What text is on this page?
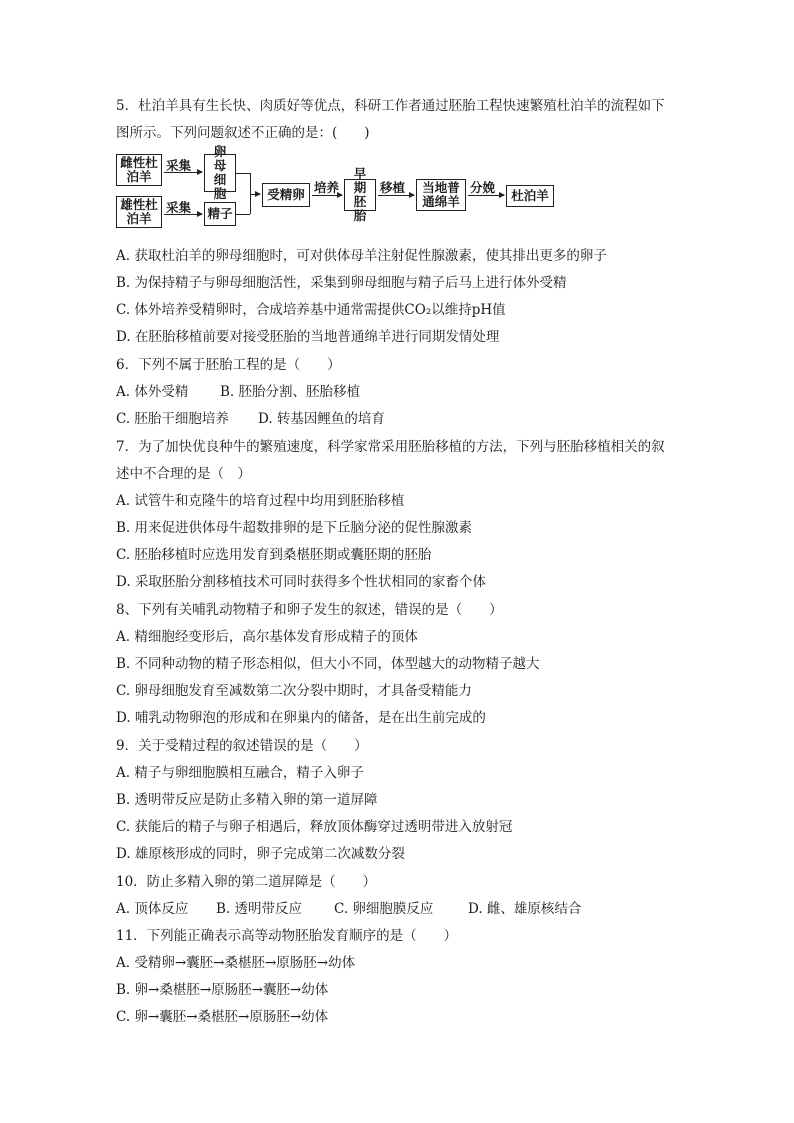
5．杜泊羊具有生长快、肉质好等优点，科研工作者通过胚胎工程快速繁殖杜泊羊的流程如下
图所示。下列问题叙述不正确的是：(　　)
雌性杜泊羊
雄性杜泊羊
采集
采集
卵母细胞
精子
受精卵 培养
早期胚胎
移植	当地普通绵羊
分娩
杜泊羊
A. 获取杜泊羊的卵母细胞时，可对供体母羊注射促性腺激素，使其排出更多的卵子
B. 为保持精子与卵母细胞活性，采集到卵母细胞与精子后马上进行体外受精
C. 体外培养受精卵时，合成培养基中通常需提供CO₂以维持pH值
D. 在胚胎移植前要对接受胚胎的当地普通绵羊进行同期发情处理
6．下列不属于胚胎工程的是（　　）
A. 体外受精 B. 胚胎分割、胚胎移植
C. 胚胎干细胞培养 D. 转基因鲤鱼的培育
7．为了加快优良种牛的繁殖速度，科学家常采用胚胎移植的方法，下列与胚胎移植相关的叙
述中不合理的是（　）
A. 试管牛和克隆牛的培育过程中均用到胚胎移植
B. 用来促进供体母牛超数排卵的是下丘脑分泌的促性腺激素
C. 胚胎移植时应选用发育到桑椹胚期或囊胚期的胚胎
D. 采取胚胎分割移植技术可同时获得多个性状相同的家畜个体
8、下列有关哺乳动物精子和卵子发生的叙述，错误的是（　　）
A. 精细胞经变形后，高尔基体发育形成精子的顶体
B. 不同种动物的精子形态相似，但大小不同，体型越大的动物精子越大
C. 卵母细胞发育至减数第二次分裂中期时，才具备受精能力
D. 哺乳动物卵泡的形成和在卵巢内的储备，是在出生前完成的
9．关于受精过程的叙述错误的是（　　）
A. 精子与卵细胞膜相互融合，精子入卵子
B. 透明带反应是防止多精入卵的第一道屏障
C. 获能后的精子与卵子相遇后，释放顶体酶穿过透明带进入放射冠
D. 雄原核形成的同时，卵子完成第二次减数分裂
10．防止多精入卵的第二道屏障是（　　）
A. 顶体反应 B. 透明带反应 C. 卵细胞膜反应	D. 雌、雄原核结合
11．下列能正确表示高等动物胚胎发育顺序的是（　　）
A. 受精卵→囊胚→桑椹胚→原肠胚→幼体
B. 卵→桑椹胚→原肠胚→囊胚→幼体
C. 卵→囊胚→桑椹胚→原肠胚→幼体
